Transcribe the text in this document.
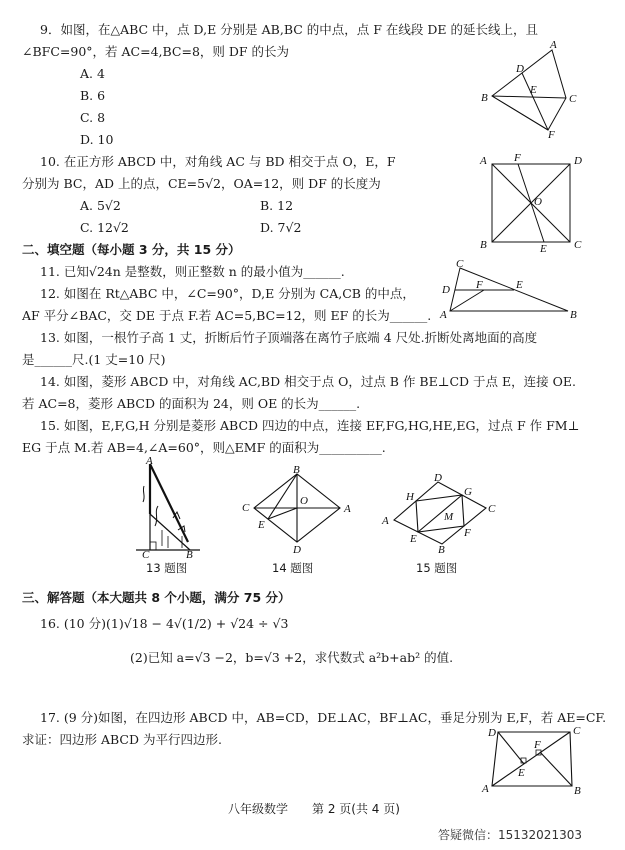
9．如图，在△ABC 中，点 D,E 分别是 AB,BC 的中点，点 F 在线段 DE 的延长线上，且
∠BFC=90°，若 AC=4,BC=8，则 DF 的长为
A. 4
B. 6
C. 8
D. 10
D
E
B	C
A
F
10. 在正方形 ABCD 中，对角线 AC 与 BD 相交于点 O，E，F
分别为 BC，AD 上的点，CE=5√2，OA=12，则 DF 的长度为
A. 5√2	B. 12
C. 12√2	D. 7√2
A F	D
O
B	E C
二、填空题（每小题 3 分，共 15 分）
11. 已知√24n 是整数，则正整数 n 的最小值为______.
12. 如图在 Rt△ABC 中，∠C=90°，D,E 分别为 CA,CB 的中点，
AF 平分∠BAC，交 DE 于点 F.若 AC=5,BC=12，则 EF 的长为______.
C
D F	E
A	B
13. 如图，一根竹子高 1 丈，折断后竹子顶端落在离竹子底端 4 尺处.折断处离地面的高度
是______尺.(1 丈=10 尺)
14. 如图，菱形 ABCD 中，对角线 AC,BD 相交于点 O，过点 B 作 BE⊥CD 于点 E，连接 OE.
若 AC=8，菱形 ABCD 的面积为 24，则 OE 的长为______.
15. 如图，E,F,G,H 分别是菱形 ABCD 四边的中点，连接 EF,FG,HG,HE,EG，过点 F 作 FM⊥
EG 于点 M.若 AB=4,∠A=60°，则△EMF 的面积为__________.
A
C	B
13 题图
B
C
O
A
E
D
14 题图
D
H	G
C
A	M
E	F
B
15 题图
三、解答题（本大题共 8 个小题，满分 75 分）
16. (10 分)(1)√18 − 4√(1/2) + √24 ÷ √3
(2)已知 a=√3 −2，b=√3 +2，求代数式 a²b+ab² 的值.
17. (9 分)如图，在四边形 ABCD 中，AB=CD，DE⊥AC，BF⊥AC，垂足分别为 E,F，若 AE=CF.
求证：四边形 ABCD 为平行四边形.	D	C
F
E
A	B
八年级数学　　第 2 页(共 4 页)
答疑微信：15132021303
